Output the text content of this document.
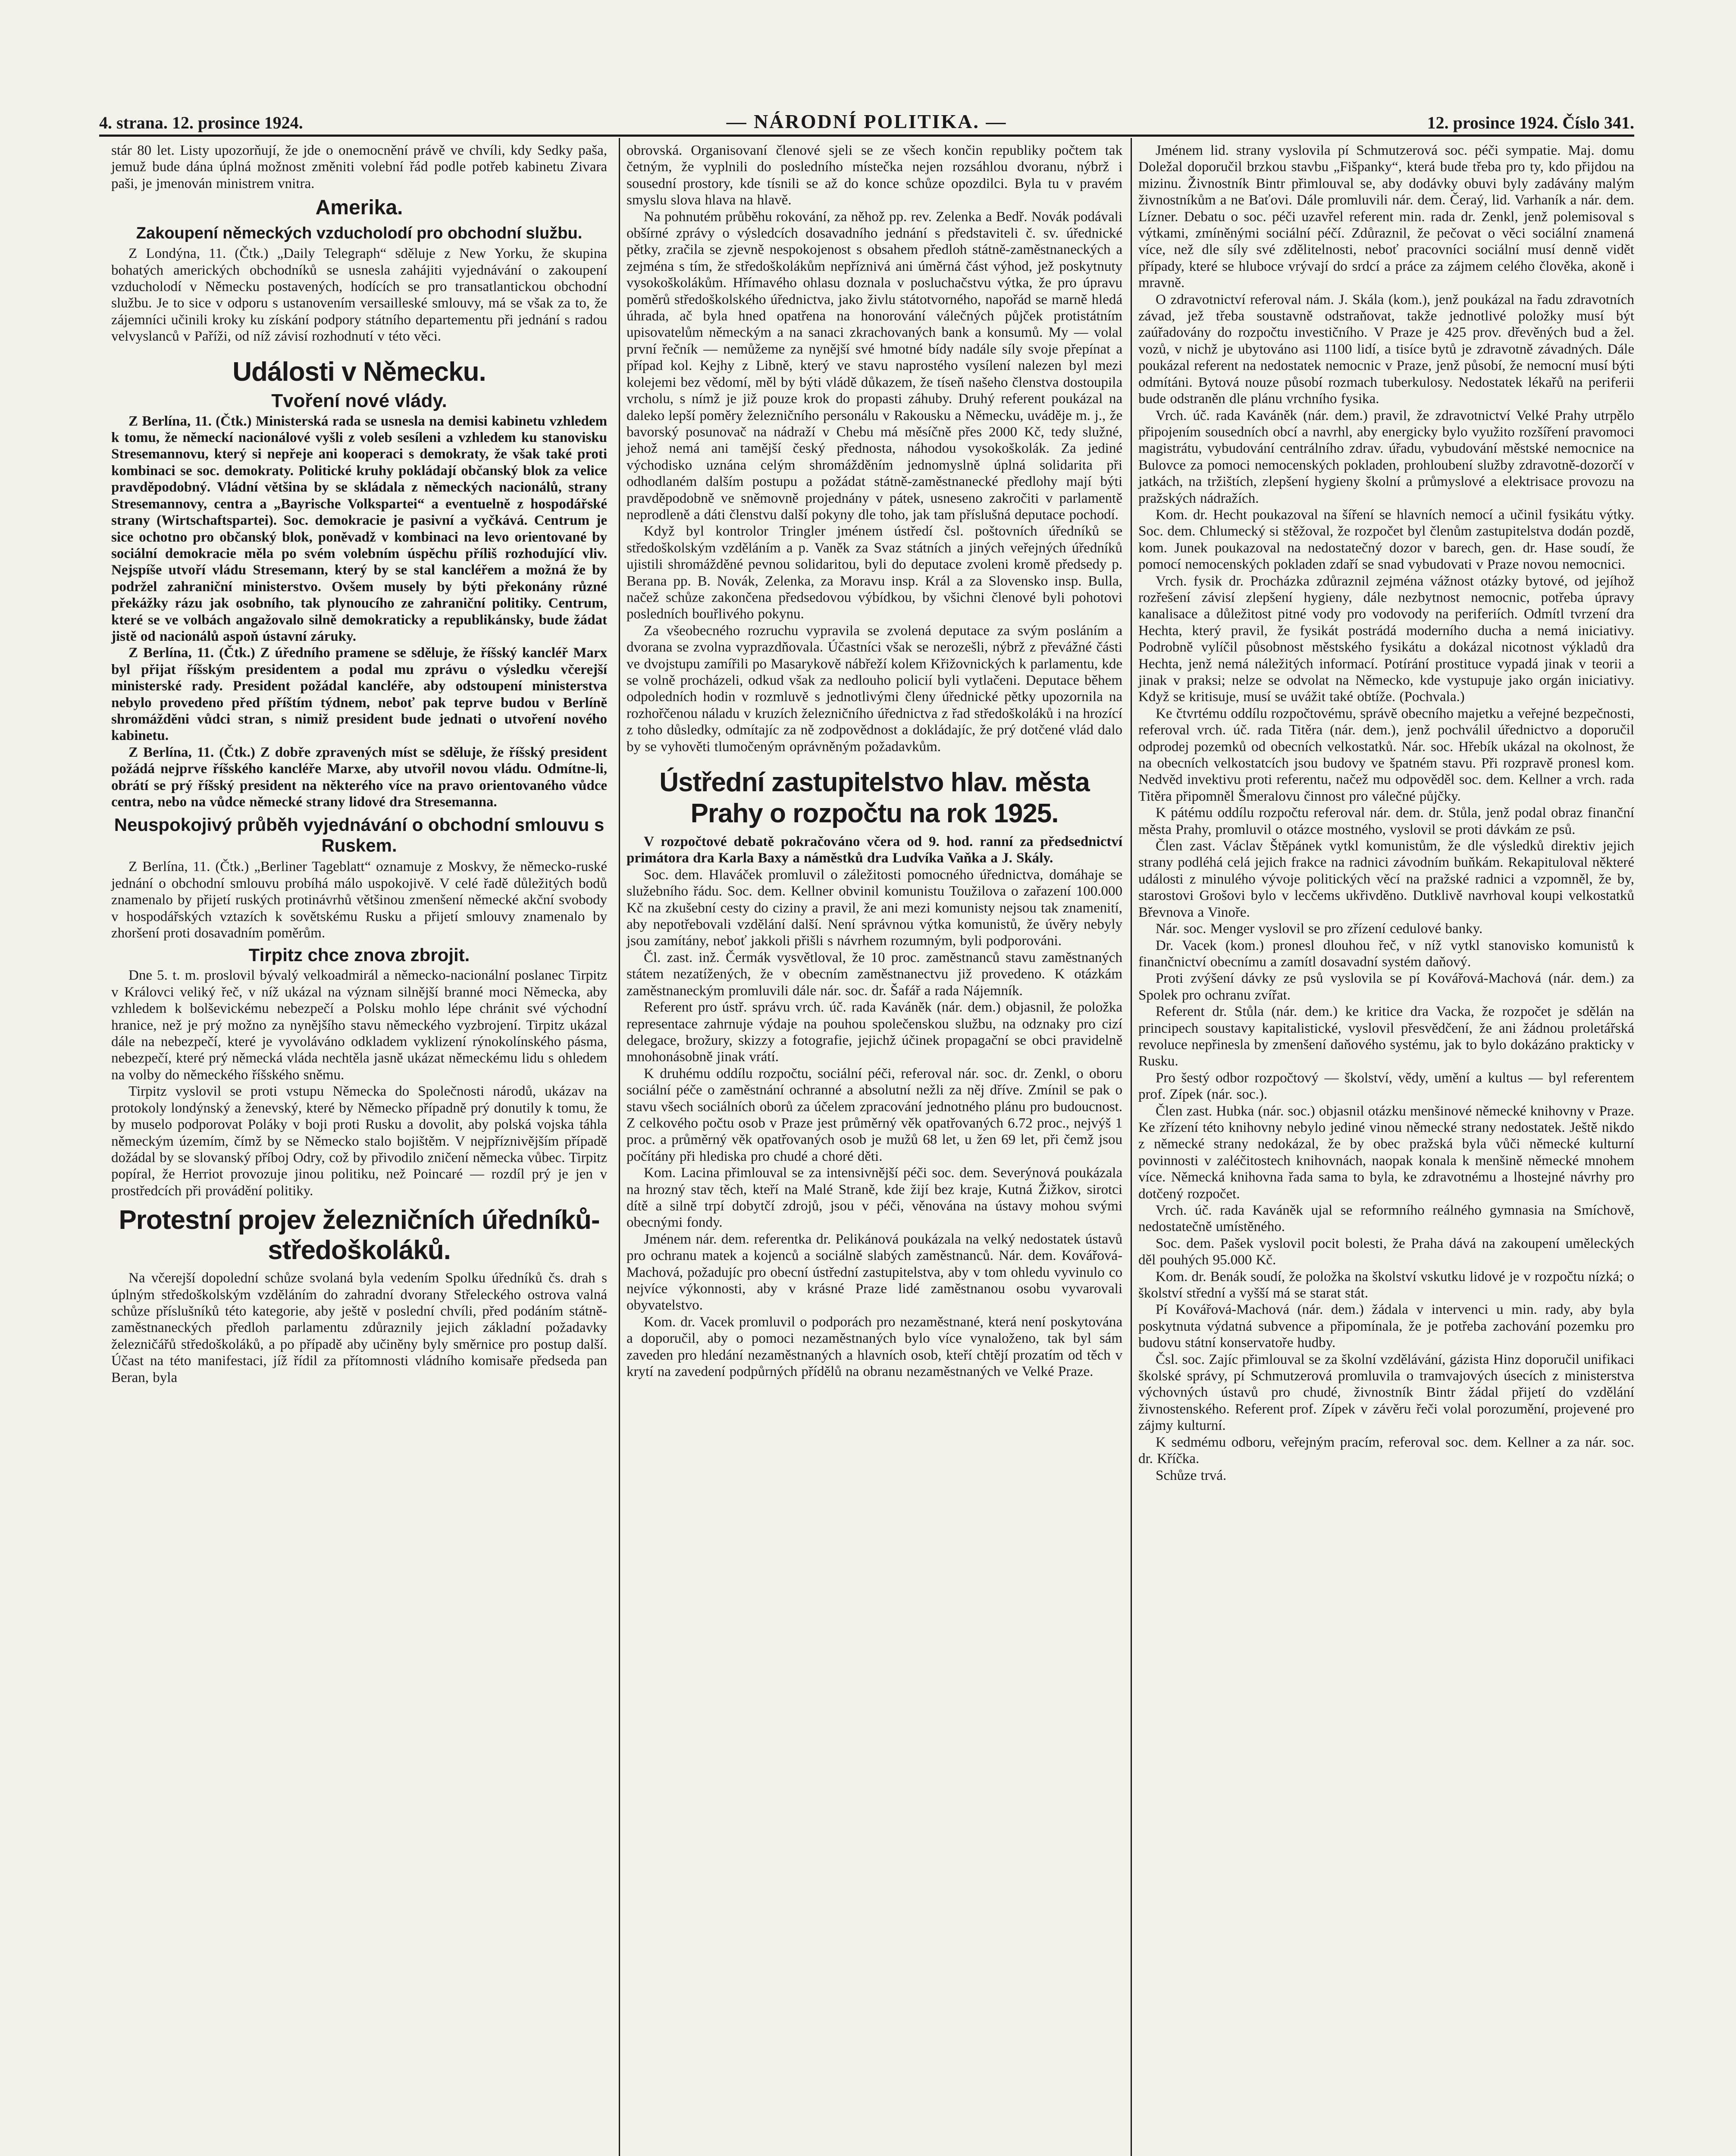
4. strana. 12. prosince 1924.	— NÁRODNÍ POLITIKA. —	12. prosince 1924. Číslo 341.

stár 80 let. Listy upozorňují, že jde o onemocnění právě ve chvíli, kdy Sedky paša, jemuž bude dána úplná možnost změniti volební řád podle potřeb kabinetu Zivara paši, je jmenován ministrem vnitra.

Amerika.
Zakoupení německých vzducholodí pro obchodní službu.

Z Londýna, 11. (Čtk.) „Daily Telegraph“ sděluje z New Yorku, že skupina bohatých amerických obchodníků se usnesla zahájiti vyjednávání o zakoupení vzducholodí v Německu postavených, hodících se pro transatlantickou obchodní službu. Je to sice v odporu s ustanovením versailleské smlouvy, má se však za to, že zájemníci učinili kroky ku získání podpory státního departementu při jednání s radou velvyslanců v Paříži, od níž závisí rozhodnutí v této věci.

Události v Německu.
Tvoření nové vlády.

Z Berlína, 11. (Čtk.) Ministerská rada se usnesla na demisi kabinetu vzhledem k tomu, že německí nacionálové vyšli z voleb sesíleni a vzhledem ku stanovisku Stresemannovu, který si nepřeje ani kooperaci s demokraty, že však také proti kombinaci se soc. demokraty. Politické kruhy pokládají občanský blok za velice pravděpodobný. Vládní většina by se skládala z německých nacionálů, strany Stresemannovy, centra a „Bayrische Volkspartei“ a eventuelně z hospodářské strany (Wirtschaftspartei). Soc. demokracie je pasivní a vyčkává. Centrum je sice ochotno pro občanský blok, poněvadž v kombinaci na levo orientované by sociální demokracie měla po svém volebním úspěchu příliš rozhodující vliv. Nejspíše utvoří vládu Stresemann, který by se stal kancléřem a možná že by podržel zahraniční ministerstvo. Ovšem musely by býti překonány různé překážky rázu jak osobního, tak plynoucího ze zahraniční politiky. Centrum, které se ve volbách angažovalo silně demokraticky a republikánsky, bude žádat jistě od nacionálů aspoň ústavní záruky.

Z Berlína, 11. (Čtk.) Z úředního pramene se sděluje, že říšský kancléř Marx byl přijat říšským presidentem a podal mu zprávu o výsledku včerejší ministerské rady. President požádal kancléře, aby odstoupení ministerstva nebylo provedeno před příštím týdnem, neboť pak teprve budou v Berlíně shromážděni vůdci stran, s nimiž president bude jednati o utvoření nového kabinetu.

Z Berlína, 11. (Čtk.) Z dobře zpravených míst se sděluje, že říšský president požádá nejprve říšského kancléře Marxe, aby utvořil novou vládu. Odmítne-li, obrátí se prý říšský president na některého více na pravo orientovaného vůdce centra, nebo na vůdce německé strany lidové dra Stresemanna.

Neuspokojivý průběh vyjednávání o obchodní smlouvu s Ruskem.

Z Berlína, 11. (Čtk.) „Berliner Tageblatt“ oznamuje z Moskvy, že německo-ruské jednání o obchodní smlouvu probíhá málo uspokojivě. V celé řadě důležitých bodů znamenalo by přijetí ruských protinávrhů většinou zmenšení německé akční svobody v hospodářských vztazích k sovětskému Rusku a přijetí smlouvy znamenalo by zhoršení proti dosavadním poměrům.

Tirpitz chce znova zbrojit.

Dne 5. t. m. proslovil bývalý velkoadmirál a německo-nacionální poslanec Tirpitz v Královci veliký řeč, v níž ukázal na význam silnější branné moci Německa, aby vzhledem k bolševickému nebezpečí a Polsku mohlo lépe chránit své východní hranice, než je prý možno za nynějšího stavu německého vyzbrojení. Tirpitz ukázal dále na nebezpečí, které je vyvoláváno odkladem vyklizení rýnokolínského pásma, nebezpečí, které prý německá vláda nechtěla jasně ukázat německému lidu s ohledem na volby do německého říšského sněmu.

Tirpitz vyslovil se proti vstupu Německa do Společnosti národů, ukázav na protokoly londýnský a ženevský, které by Německo případně prý donutily k tomu, že by muselo podporovat Poláky v boji proti Rusku a dovolit, aby polská vojska táhla německým územím, čímž by se Německo stalo bojištěm. V nejpříznivějším případě dožádal by se slovanský příboj Odry, což by přivodilo zničení německa vůbec. Tirpitz popíral, že Herriot provozuje jinou politiku, než Poincaré — rozdíl prý je jen v prostředcích při provádění politiky.

Protestní projev železničních úředníků-středoškoláků.

Na včerejší dopolední schůze svolaná byla vedením Spolku úředníků čs. drah s úplným středoškolským vzděláním do zahradní dvorany Střeleckého ostrova valná schůze příslušníků této kategorie, aby ještě v poslední chvíli, před podáním státně-zaměstnaneckých předloh parlamentu zdůraznily jejich základní požadavky železničářů středoškoláků, a po případě aby učiněny byly směrnice pro postup další. Účast na této manifestaci, jíž řídil za přítomnosti vládního komisaře předseda pan Beran, byla

obrovská. Organisovaní členové sjeli se ze všech končin republiky počtem tak četným, že vyplnili do posledního místečka nejen rozsáhlou dvoranu, nýbrž i sousední prostory, kde tísnili se až do konce schůze opozdilci. Byla tu v pravém smyslu slova hlava na hlavě.

Na pohnutém průběhu rokování, za něhož pp. rev. Zelenka a Bedř. Novák podávali obšírné zprávy o výsledcích dosavadního jednání s představiteli č. sv. úřednické pětky, zračila se zjevně nespokojenost s obsahem předloh státně-zaměstnaneckých a zejména s tím, že středoškolákům nepříznivá ani úměrná část výhod, jež poskytnuty vysokoškolákům. Hřímavého ohlasu doznala v posluchačstvu výtka, že pro úpravu poměrů středoškolského úřednictva, jako živlu státotvorného, napořád se marně hledá úhrada, ač byla hned opatřena na honorování válečných půjček protistátním upisovatelům německým a na sanaci zkrachovaných bank a konsumů. My — volal první řečník — nemůžeme za nynější své hmotné bídy nadále síly svoje přepínat a případ kol. Kejhy z Libně, který ve stavu naprostého vysílení nalezen byl mezi kolejemi bez vědomí, měl by býti vládě důkazem, že tíseň našeho členstva dostoupila vrcholu, s nímž je již pouze krok do propasti záhuby. Druhý referent poukázal na daleko lepší poměry železničního personálu v Rakousku a Německu, uváděje m. j., že bavorský posunovač na nádraží v Chebu má měsíčně přes 2000 Kč, tedy služné, jehož nemá ani tamější český přednosta, náhodou vysokoškolák. Za jediné východisko uznána celým shromážděním jednomyslně úplná solidarita při odhodlaném dalším postupu a požádat státně-zaměstnanecké předlohy mají býti pravděpodobně ve sněmovně projednány v pátek, usneseno zakročiti v parlamentě neprodleně a dáti členstvu další pokyny dle toho, jak tam příslušná deputace pochodí.

Když byl kontrolor Tringler jménem ústředí čsl. poštovních úředníků se středoškolským vzděláním a p. Vaněk za Svaz státních a jiných veřejných úředníků ujistili shromážděné pevnou solidaritou, byli do deputace zvoleni kromě předsedy p. Berana pp. B. Novák, Zelenka, za Moravu insp. Král a za Slovensko insp. Bulla, načež schůze zakončena předsedovou výbídkou, by všichni členové byli pohotovi posledních bouřlivého pokynu.

Za všeobecného rozruchu vypravila se zvolená deputace za svým posláním a dvorana se zvolna vyprazdňovala. Účastníci však se nerozešli, nýbrž z převážné části ve dvojstupu zamířili po Masarykově nábřeží kolem Křižovnických k parlamentu, kde se volně procházeli, odkud však za nedlouho policií byli vytlačeni. Deputace během odpoledních hodin v rozmluvě s jednotlivými členy úřednické pětky upozornila na rozhořčenou náladu v kruzích železničního úřednictva z řad středoškoláků i na hrozící z toho důsledky, odmítajíc za ně zodpovědnost a dokládajíc, že prý dotčené vlád dalo by se vyhověti tlumočeným oprávněným požadavkům.

Ústřední zastupitelstvo hlav. města Prahy o rozpočtu na rok 1925.

V rozpočtové debatě pokračováno včera od 9. hod. ranní za předsednictví primátora dra Karla Baxy a náměstků dra Ludvíka Vaňka a J. Skály.

Soc. dem. Hlaváček promluvil o záležitosti pomocného úřednictva, domáhaje se služebního řádu. Soc. dem. Kellner obvinil komunistu Toužilova o zařazení 100.000 Kč na zkušební cesty do ciziny a pravil, že ani mezi komunisty nejsou tak znamenití, aby nepotřebovali vzdělání další. Není správnou výtka komunistů, že úvěry nebyly jsou zamítány, neboť jakkoli přišli s návrhem rozumným, byli podporováni.

Čl. zast. inž. Čermák vysvětloval, že 10 proc. zaměstnanců stavu zaměstnaných státem nezatížených, že v obecním zaměstnanectvu již provedeno. K otázkám zaměstnaneckým promluvili dále nár. soc. dr. Šafář a rada Nájemník.

Referent pro ústř. správu vrch. úč. rada Kaváněk (nár. dem.) objasnil, že položka representace zahrnuje výdaje na pouhou společenskou službu, na odznaky pro cizí delegace, brožury, skizzy a fotografie, jejichž účinek propagační se obci pravidelně mnohonásobně jinak vrátí.

K druhému oddílu rozpočtu, sociální péči, referoval nár. soc. dr. Zenkl, o oboru sociální péče o zaměstnání ochranné a absolutní nežli za něj dříve. Zmínil se pak o stavu všech sociálních oborů za účelem zpracování jednotného plánu pro budoucnost. Z celkového počtu osob v Praze jest průměrný věk opatřovaných 6.72 proc., nejvýš 1 proc. a průměrný věk opatřovaných osob je mužů 68 let, u žen 69 let, při čemž jsou počítány při hlediska pro chudé a choré děti.

Kom. Lacina přimlouval se za intensivnější péči soc. dem. Severýnová poukázala na hrozný stav těch, kteří na Malé Straně, kde žijí bez kraje, Kutná Žižkov, sirotci dítě a silně trpí dobytčí zdrojů, jsou v péči, věnována na ústavy mohou svými obecnými fondy.

Jménem nár. dem. referentka dr. Pelikánová poukázala na velký nedostatek ústavů pro ochranu matek a kojenců a sociálně slabých zaměstnanců. Nár. dem. Kovářová-Machová, požadujíc pro obecní ústřední zastupitelstva, aby v tom ohledu vyvinulo co nejvíce výkonnosti, aby v krásné Praze lidé zaměstnanou osobu vyvarovali obyvatelstvo.

Kom. dr. Vacek promluvil o podporách pro nezaměstnané, která není poskytována a doporučil, aby o pomoci nezaměstnaných bylo více vynaloženo, tak byl sám zaveden pro hledání nezaměstnaných a hlavních osob, kteří chtějí prozatím od těch v krytí na zavedení podpůrných přídělů na obranu nezaměstnaných ve Velké Praze.

Jménem lid. strany vyslovila pí Schmutzerová soc. péči sympatie. Maj. domu Doležal doporučil brzkou stavbu „Fišpanky“, která bude třeba pro ty, kdo přijdou na mizinu. Živnostník Bintr přimlouval se, aby dodávky obuvi byly zadávány malým živnostníkům a ne Baťovi. Dále promluvili nár. dem. Čeraý, lid. Varhaník a nár. dem. Lízner. Debatu o soc. péči uzavřel referent min. rada dr. Zenkl, jenž polemisoval s výtkami, zmíněnými sociální péčí. Zdůraznil, že pečovat o věci sociální znamená více, než dle síly své zdělitelnosti, neboť pracovníci sociální musí denně vidět případy, které se hluboce vrývají do srdcí a práce za zájmem celého člověka, akoně i mravně.

O zdravotnictví referoval nám. J. Skála (kom.), jenž poukázal na řadu zdravotních závad, jež třeba soustavně odstraňovat, takže jednotlivé položky musí být zaúřadovány do rozpočtu investičního. V Praze je 425 prov. dřevěných bud a žel. vozů, v nichž je ubytováno asi 1100 lidí, a tisíce bytů je zdravotně závadných. Dále poukázal referent na nedostatek nemocnic v Praze, jenž působí, že nemocní musí býti odmítáni. Bytová nouze působí rozmach tuberkulosy. Nedostatek lékařů na periferii bude odstraněn dle plánu vrchního fysika.

Vrch. úč. rada Kaváněk (nár. dem.) pravil, že zdravotnictví Velké Prahy utrpělo připojením sousedních obcí a navrhl, aby energicky bylo využito rozšíření pravomoci magistrátu, vybudování centrálního zdrav. úřadu, vybudování městské nemocnice na Bulovce za pomoci nemocenských pokladen, prohloubení služby zdravotně-dozorčí v jatkách, na tržištích, zlepšení hygieny školní a průmyslové a elektrisace provozu na pražských nádražích.

Kom. dr. Hecht poukazoval na šíření se hlavních nemocí a učinil fysikátu výtky. Soc. dem. Chlumecký si stěžoval, že rozpočet byl členům zastupitelstva dodán pozdě, kom. Junek poukazoval na nedostatečný dozor v barech, gen. dr. Hase soudí, že pomocí nemocenských pokladen zdaří se snad vybudovati v Praze novou nemocnici.

Vrch. fysik dr. Procházka zdůraznil zejména vážnost otázky bytové, od jejíhož rozřešení závisí zlepšení hygieny, dále nezbytnost nemocnic, potřeba úpravy kanalisace a důležitost pitné vody pro vodovody na periferiích. Odmítl tvrzení dra Hechta, který pravil, že fysikát postrádá moderního ducha a nemá iniciativy. Podrobně vylíčil působnost městského fysikátu a dokázal nicotnost výkladů dra Hechta, jenž nemá náležitých informací. Potírání prostituce vypadá jinak v teorii a jinak v praksi; nelze se odvolat na Německo, kde vystupuje jako orgán iniciativy. Když se kritisuje, musí se uvážit také obtíže. (Pochvala.)

Ke čtvrtému oddílu rozpočtovému, správě obecního majetku a veřejné bezpečnosti, referoval vrch. úč. rada Titěra (nár. dem.), jenž pochválil úřednictvo a doporučil odprodej pozemků od obecních velkostatků. Nár. soc. Hřebík ukázal na okolnost, že na obecních velkostatcích jsou budovy ve špatném stavu. Při rozpravě pronesl kom. Nedvěd invektivu proti referentu, načež mu odpověděl soc. dem. Kellner a vrch. rada Titěra připomněl Šmeralovu činnost pro válečné půjčky.

K pátému oddílu rozpočtu referoval nár. dem. dr. Stůla, jenž podal obraz finanční města Prahy, promluvil o otázce mostného, vyslovil se proti dávkám ze psů.

Člen zast. Václav Štěpánek vytkl komunistům, že dle výsledků direktiv jejich strany podléhá celá jejich frakce na radnici závodním buňkám. Rekapituloval některé události z minulého vývoje politických věcí na pražské radnici a vzpomněl, že by, starostovi Grošovi bylo v lecčems ukřivděno. Dutklivě navrhoval koupi velkostatků Břevnova a Vinoře.

Nár. soc. Menger vyslovil se pro zřízení cedulové banky.

Dr. Vacek (kom.) pronesl dlouhou řeč, v níž vytkl stanovisko komunistů k finančnictví obecnímu a zamítl dosavadní systém daňový.

Proti zvýšení dávky ze psů vyslovila se pí Kovářová-Machová (nár. dem.) za Spolek pro ochranu zvířat.

Referent dr. Stůla (nár. dem.) ke kritice dra Vacka, že rozpočet je sdělán na principech soustavy kapitalistické, vyslovil přesvědčení, že ani žádnou proletářská revoluce nepřinesla by zmenšení daňového systému, jak to bylo dokázáno prakticky v Rusku.

Pro šestý odbor rozpočtový — školství, vědy, umění a kultus — byl referentem prof. Zípek (nár. soc.).

Člen zast. Hubka (nár. soc.) objasnil otázku menšinové německé knihovny v Praze. Ke zřízení této knihovny nebylo jediné vinou německé strany nedostatek. Ještě nikdo z německé strany nedokázal, že by obec pražská byla vůči německé kulturní povinnosti v zaléčitostech knihovnách, naopak konala k menšině německé mnohem více. Německá knihovna řada sama to byla, ke zdravotnému a lhostejné návrhy pro dotčený rozpočet.

Vrch. úč. rada Kaváněk ujal se reformního reálného gymnasia na Smíchově, nedostatečně umístěného.

Soc. dem. Pašek vyslovil pocit bolesti, že Praha dává na zakoupení uměleckých děl pouhých 95.000 Kč.

Kom. dr. Benák soudí, že položka na školství vskutku lidové je v rozpočtu nízká; o školství střední a vyšší má se starat stát.

Pí Kovářová-Machová (nár. dem.) žádala v intervenci u min. rady, aby byla poskytnuta výdatná subvence a připomínala, že je potřeba zachování pozemku pro budovu státní konservatoře hudby.

Čsl. soc. Zajíc přimlouval se za školní vzdělávání, gázista Hinz doporučil unifikaci školské správy, pí Schmutzerová promluvila o tramvajových úsecích z ministerstva výchovných ústavů pro chudé, živnostník Bintr žádal přijetí do vzdělání živnostenského. Referent prof. Zípek v závěru řeči volal porozumění, projevené pro zájmy kulturní.

K sedmému odboru, veřejným pracím, referoval soc. dem. Kellner a za nár. soc. dr. Kříčka.

Schůze trvá.
